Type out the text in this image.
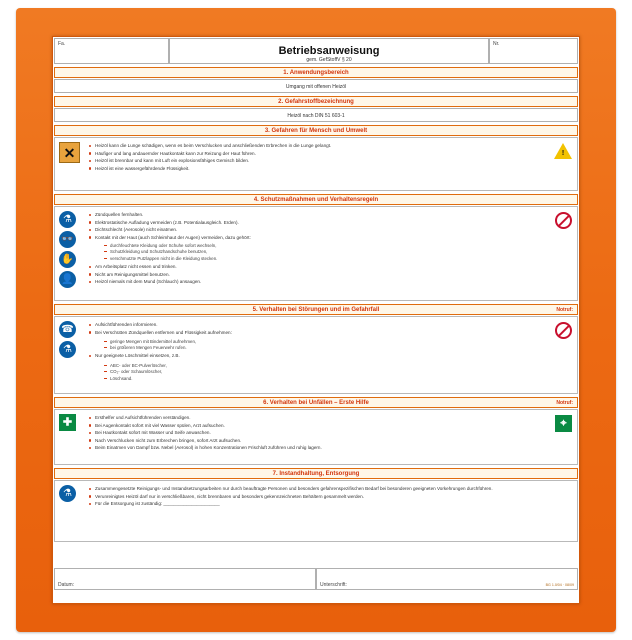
Fa.
Betriebsanweisung
gem. GefStoffV § 20
Nr.
1. Anwendungsbereich
Umgang mit offenen Heizöl
2. Gefahrstoffbezeichnung
Heizöl nach DIN 51 603-1
3. Gefahren für Mensch und Umwelt
✕	!
Heizöl kann die Lunge schädigen, wenn es beim Verschlucken und anschließenden Erbrechen in die Lunge gelangt.
Häufiger und lang andauernder Hautkontakt kann zur Reizung der Haut führen.
Heizöl ist brennbar und kann mit Luft ein explosionsfähiges Gemisch bilden.
Heizöl ist eine wassergefährdende Flüssigkeit.
4. Schutzmaßnahmen und Verhaltensregeln
⚗
👓
✋
👤
Zündquellen fernhalten.
Elektrostatische Aufladung vermeiden (z.B. Potentialausgleich. Erden).
Dichtschlecht (Aerosole) nicht einatmen.
Kontakt mit der Haut (auch Schleimhaut der Augen) vermeiden, dazu gehört:
durchfeuchtete Kleidung oder Schuhe sofort wechseln,
Schutzkleidung und Schutzhandschuhe benutzen,
verschmutzte Putzlappen nicht in die Kleidung stecken.
Am Arbeitsplatz nicht essen und trinken.
Nicht am Reinigungsmittel benutzen.
Heizöl niemals mit dem Mund (Schlauch) ansaugen.
5. Verhalten bei Störungen und im Gefahrfall	Notruf:
☎
⚗
Aufsichtführenden informieren.
Bei Verschütten Zündquellen entfernen und Flüssigkeit aufnehmen:
geringe Mengen mit Bindemittel aufnehmen,
bei größeren Mengen Feuerwehr rufen.
Nur geeignete Löschmittel einsetzen, z.B.
ABC- oder BC-Pulverlöscher,
CO₂- oder Schaumlöscher,
Löschsand.
6. Verhalten bei Unfällen – Erste Hilfe	Notruf:
✚	⌖
Ersthelfer und Aufsichtführenden verständigen.
Bei Augenkontakt sofort mit viel Wasser spülen, Arzt aufsuchen.
Bei Hautkontakt sofort mit Wasser und Seife anwaschen.
Nach Verschlucken nicht zum Erbrechen bringen, sofort Arzt aufsuchen.
Beim Einatmen von Dampf bzw. Nebel (Aerosol) in hohen Konzentrationen Frischluft zuführen und ruhig lagern.
7. Instandhaltung, Entsorgung
⚗	Zusammengesetzte Reinigungs- und Instandsetzungsarbeiten nur durch beauftragte Personen und besonders gefahrenspezifischen Bedarf bei besonderen geeigneten Vorkehrungen durchführen.
Verunreinigtes Heizöl darf nur in verschließbaren, nicht brennbaren und besonders gekennzeichneten Behältern gesammelt werden.
Für die Entsorgung ist zuständig: ______________________
Datum:	Unterschrift:	BG 1.0/04 · 08/09
